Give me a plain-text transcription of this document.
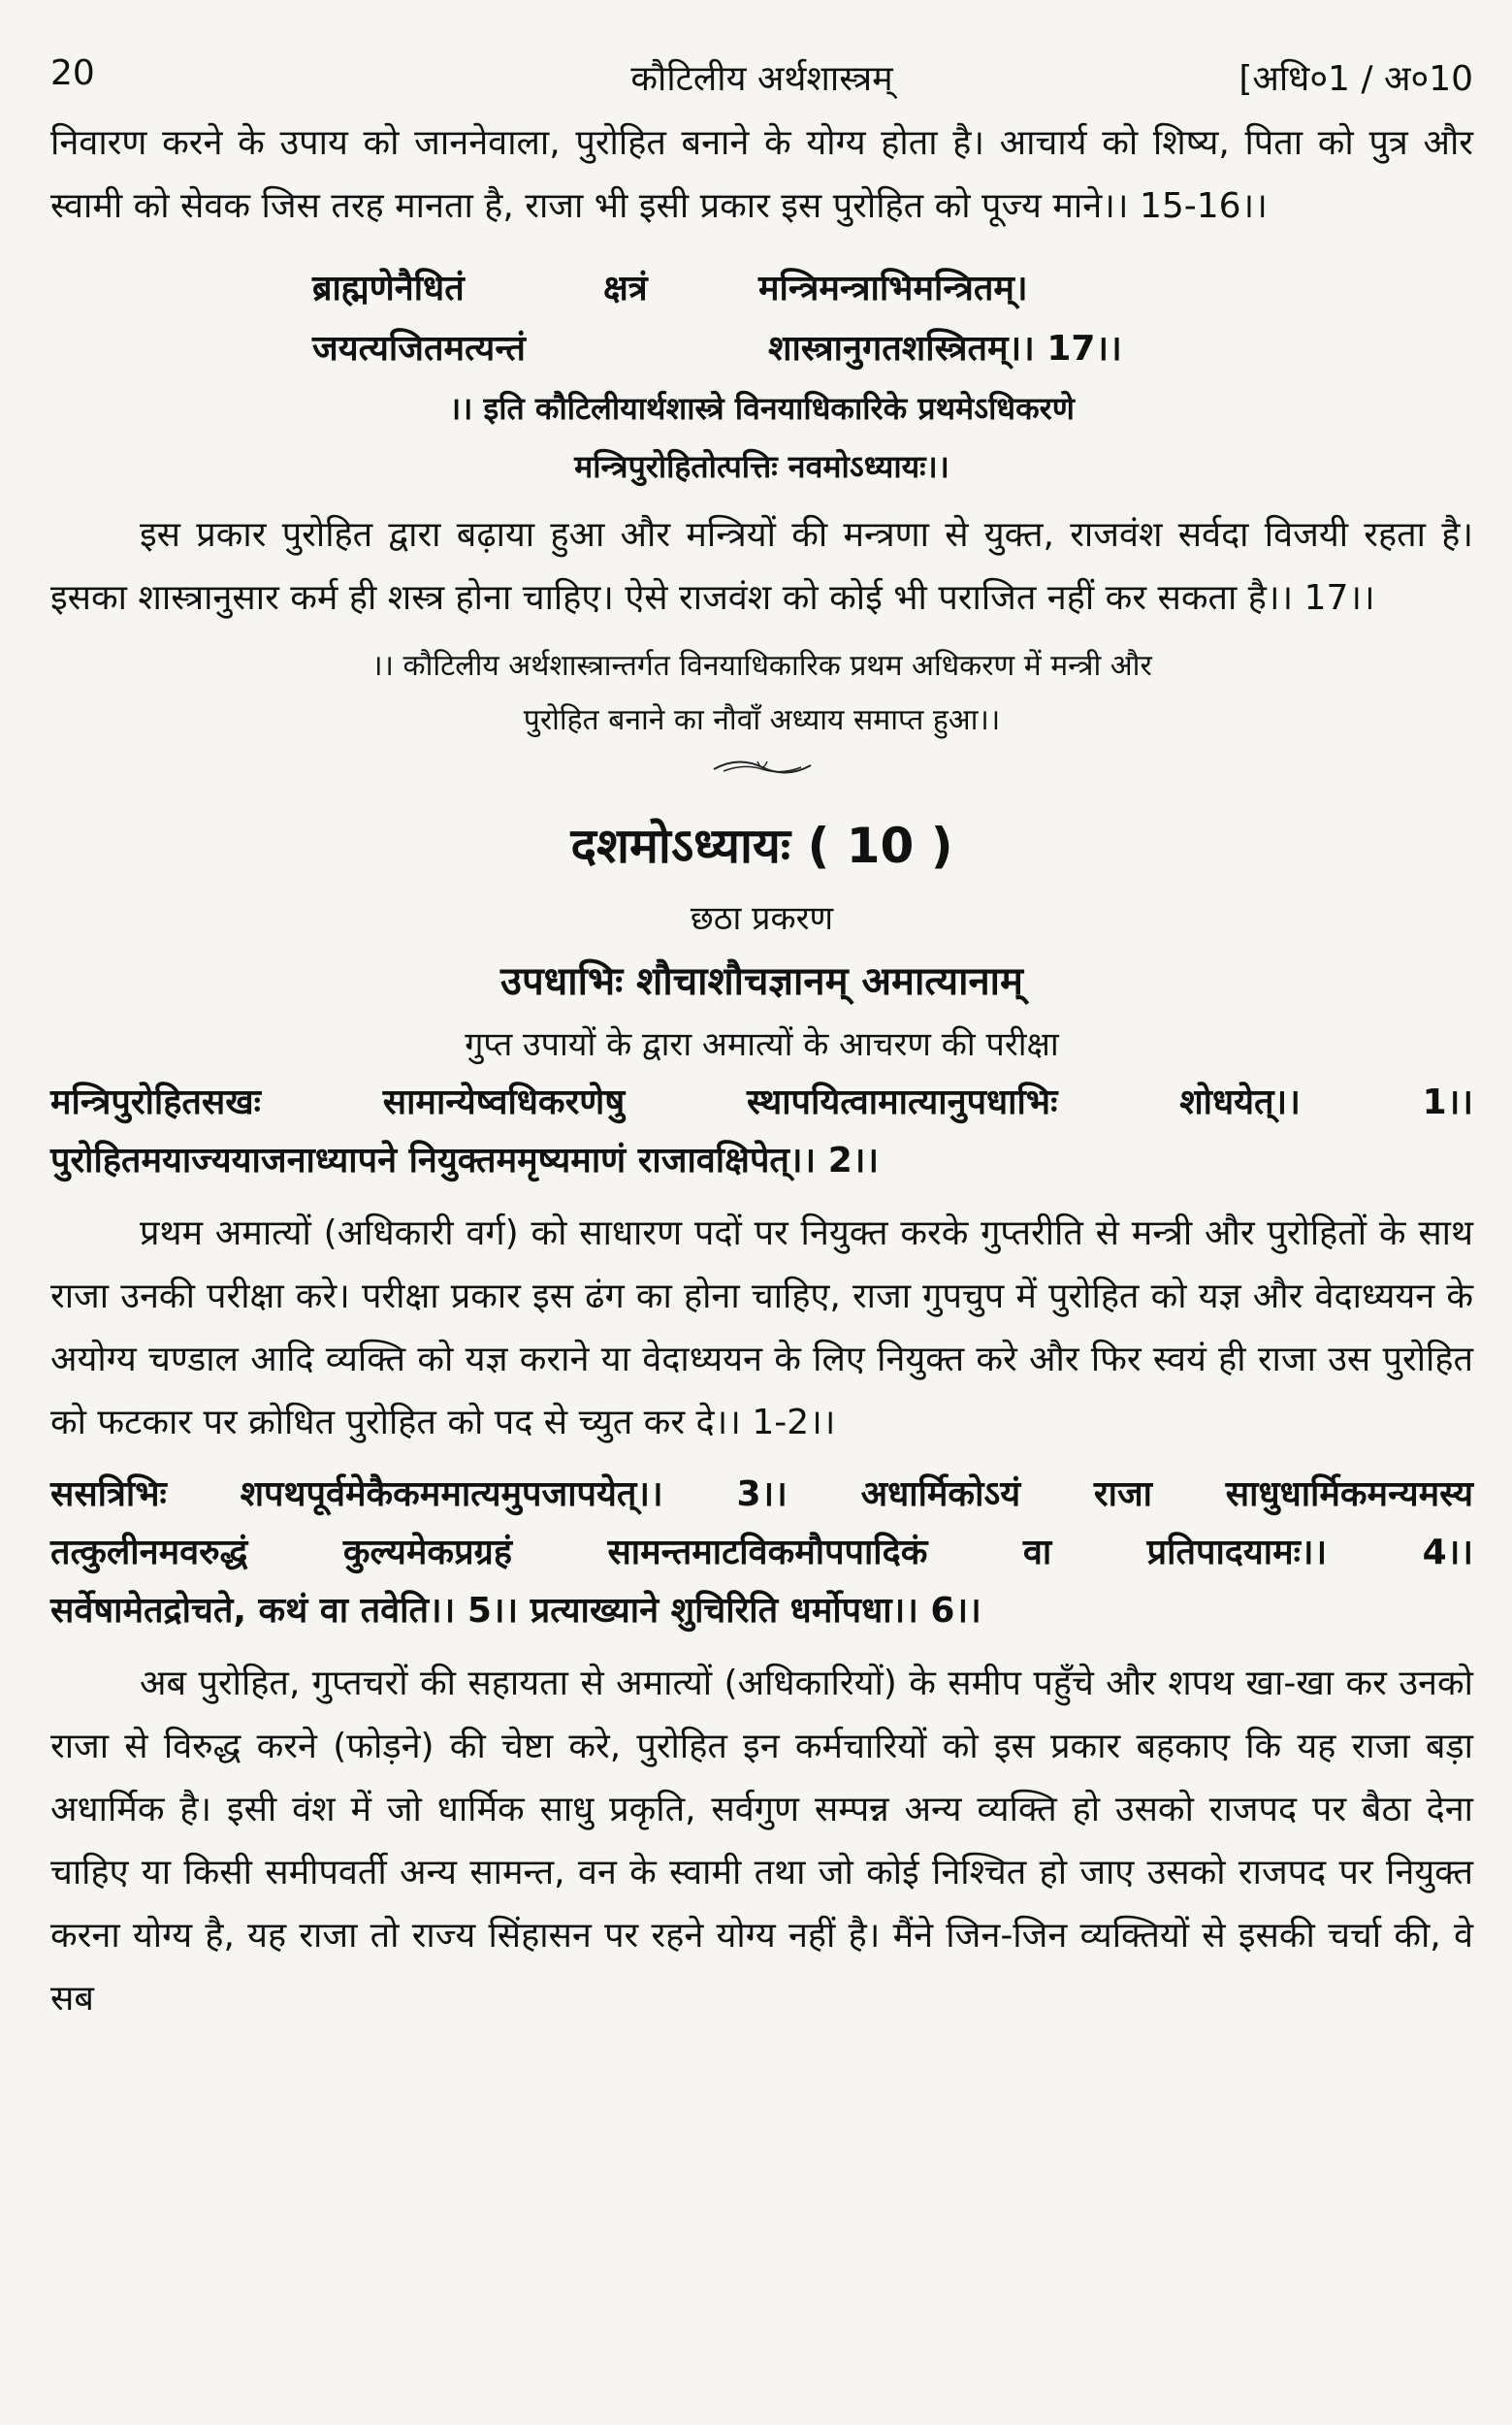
20	कौटिलीय अर्थशास्त्रम्	[अधि०1 / अ०10

निवारण करने के उपाय को जाननेवाला, पुरोहित बनाने के योग्य होता है। आचार्य को शिष्य, पिता को पुत्र और स्वामी को सेवक जिस तरह मानता है, राजा भी इसी प्रकार इस पुरोहित को पूज्य माने।। 15-16।।

ब्राह्मणेनैधितं	क्षत्रं	मन्त्रिमन्त्राभिमन्त्रितम्।
जयत्यजितमत्यन्तं	शास्त्रानुगतशस्त्रितम्।। 17।।
।। इति कौटिलीयार्थशास्त्रे विनयाधिकारिके प्रथमेऽधिकरणे
मन्त्रिपुरोहितोत्पत्तिः नवमोऽध्यायः।।

इस प्रकार पुरोहित द्वारा बढ़ाया हुआ और मन्त्रियों की मन्त्रणा से युक्त, राजवंश सर्वदा विजयी रहता है। इसका शास्त्रानुसार कर्म ही शस्त्र होना चाहिए। ऐसे राजवंश को कोई भी पराजित नहीं कर सकता है।। 17।।

।। कौटिलीय अर्थशास्त्रान्तर्गत विनयाधिकारिक प्रथम अधिकरण में मन्त्री और
पुरोहित बनाने का नौवाँ अध्याय समाप्त हुआ।।
दशमोऽध्यायः ( 10 )
छठा प्रकरण
उपधाभिः शौचाशौचज्ञानम् अमात्यानाम्
गुप्त उपायों के द्वारा अमात्यों के आचरण की परीक्षा

मन्त्रिपुरोहितसखः सामान्येष्वधिकरणेषु स्थापयित्वामात्यानुपधाभिः शोधयेत्।। 1।।

पुरोहितमयाज्ययाजनाध्यापने नियुक्तममृष्यमाणं राजावक्षिपेत्।। 2।।

प्रथम अमात्यों (अधिकारी वर्ग) को साधारण पदों पर नियुक्त करके गुप्तरीति से मन्त्री और पुरोहितों के साथ राजा उनकी परीक्षा करे। परीक्षा प्रकार इस ढंग का होना चाहिए, राजा गुपचुप में पुरोहित को यज्ञ और वेदाध्ययन के अयोग्य चण्डाल आदि व्यक्ति को यज्ञ कराने या वेदाध्ययन के लिए नियुक्त करे और फिर स्वयं ही राजा उस पुरोहित को फटकार पर क्रोधित पुरोहित को पद से च्युत कर दे।। 1-2।।

ससत्रिभिः शपथपूर्वमेकैकममात्यमुपजापयेत्।। 3।। अधार्मिकोऽयं राजा साधुधार्मिकमन्यमस्य

तत्कुलीनमवरुद्धं कुल्यमेकप्रग्रहं सामन्तमाटविकमौपपादिकं वा प्रतिपादयामः।। 4।।

सर्वेषामेतद्रोचते, कथं वा तवेति।। 5।। प्रत्याख्याने शुचिरिति धर्मोपधा।। 6।।

अब पुरोहित, गुप्तचरों की सहायता से अमात्यों (अधिकारियों) के समीप पहुँचे और शपथ खा-खा कर उनको राजा से विरुद्ध करने (फोड़ने) की चेष्टा करे, पुरोहित इन कर्मचारियों को इस प्रकार बहकाए कि यह राजा बड़ा अधार्मिक है। इसी वंश में जो धार्मिक साधु प्रकृति, सर्वगुण सम्पन्न अन्य व्यक्ति हो उसको राजपद पर बैठा देना चाहिए या किसी समीपवर्ती अन्य सामन्त, वन के स्वामी तथा जो कोई निश्चित हो जाए उसको राजपद पर नियुक्त करना योग्य है, यह राजा तो राज्य सिंहासन पर रहने योग्य नहीं है। मैंने जिन-जिन व्यक्तियों से इसकी चर्चा की, वे सब
